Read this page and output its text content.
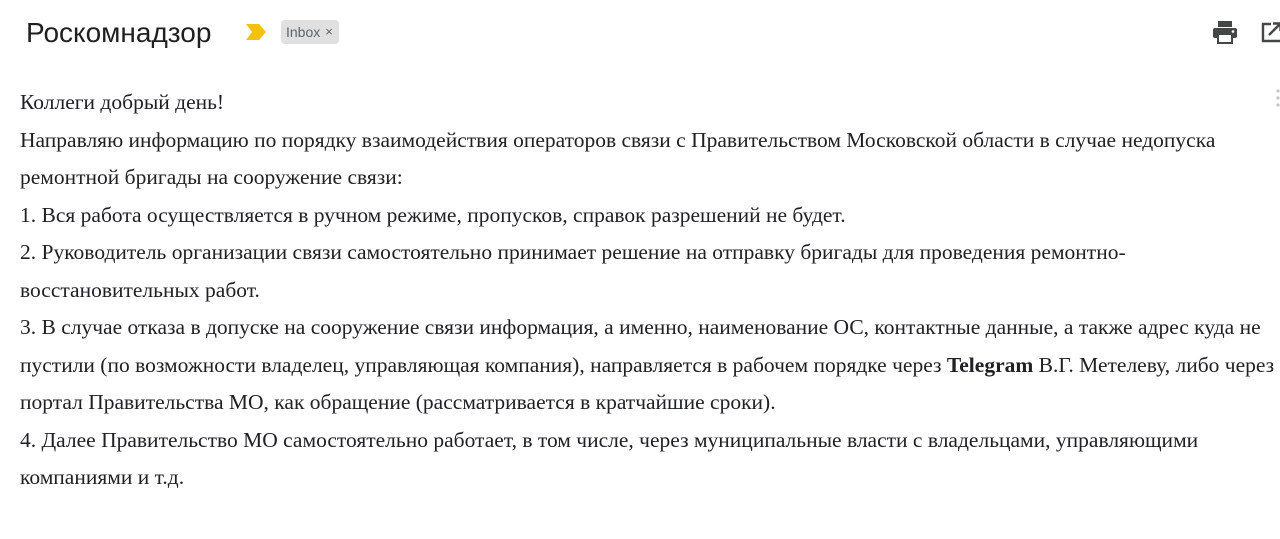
Роскомнадзор	Inbox ×

Коллеги добрый день!

Направляю информацию по порядку взаимодействия операторов связи с Правительством Московской области в случае недопуска ремонтной бригады на сооружение связи:

1. Вся работа осуществляется в ручном режиме, пропусков, справок разрешений не будет.

2. Руководитель организации связи самостоятельно принимает решение на отправку бригады для проведения ремонтно-восстановительных работ.

3. В случае отказа в допуске на сооружение связи информация, а именно, наименование ОС, контактные данные, а также адрес куда не пустили (по возможности владелец, управляющая компания), направляется в рабочем порядке через Telegram В.Г. Метелеву, либо через портал Правительства МО, как обращение (рассматривается в кратчайшие сроки).

4. Далее Правительство МО самостоятельно работает, в том числе, через муниципальные власти с владельцами, управляющими компаниями и т.д.
